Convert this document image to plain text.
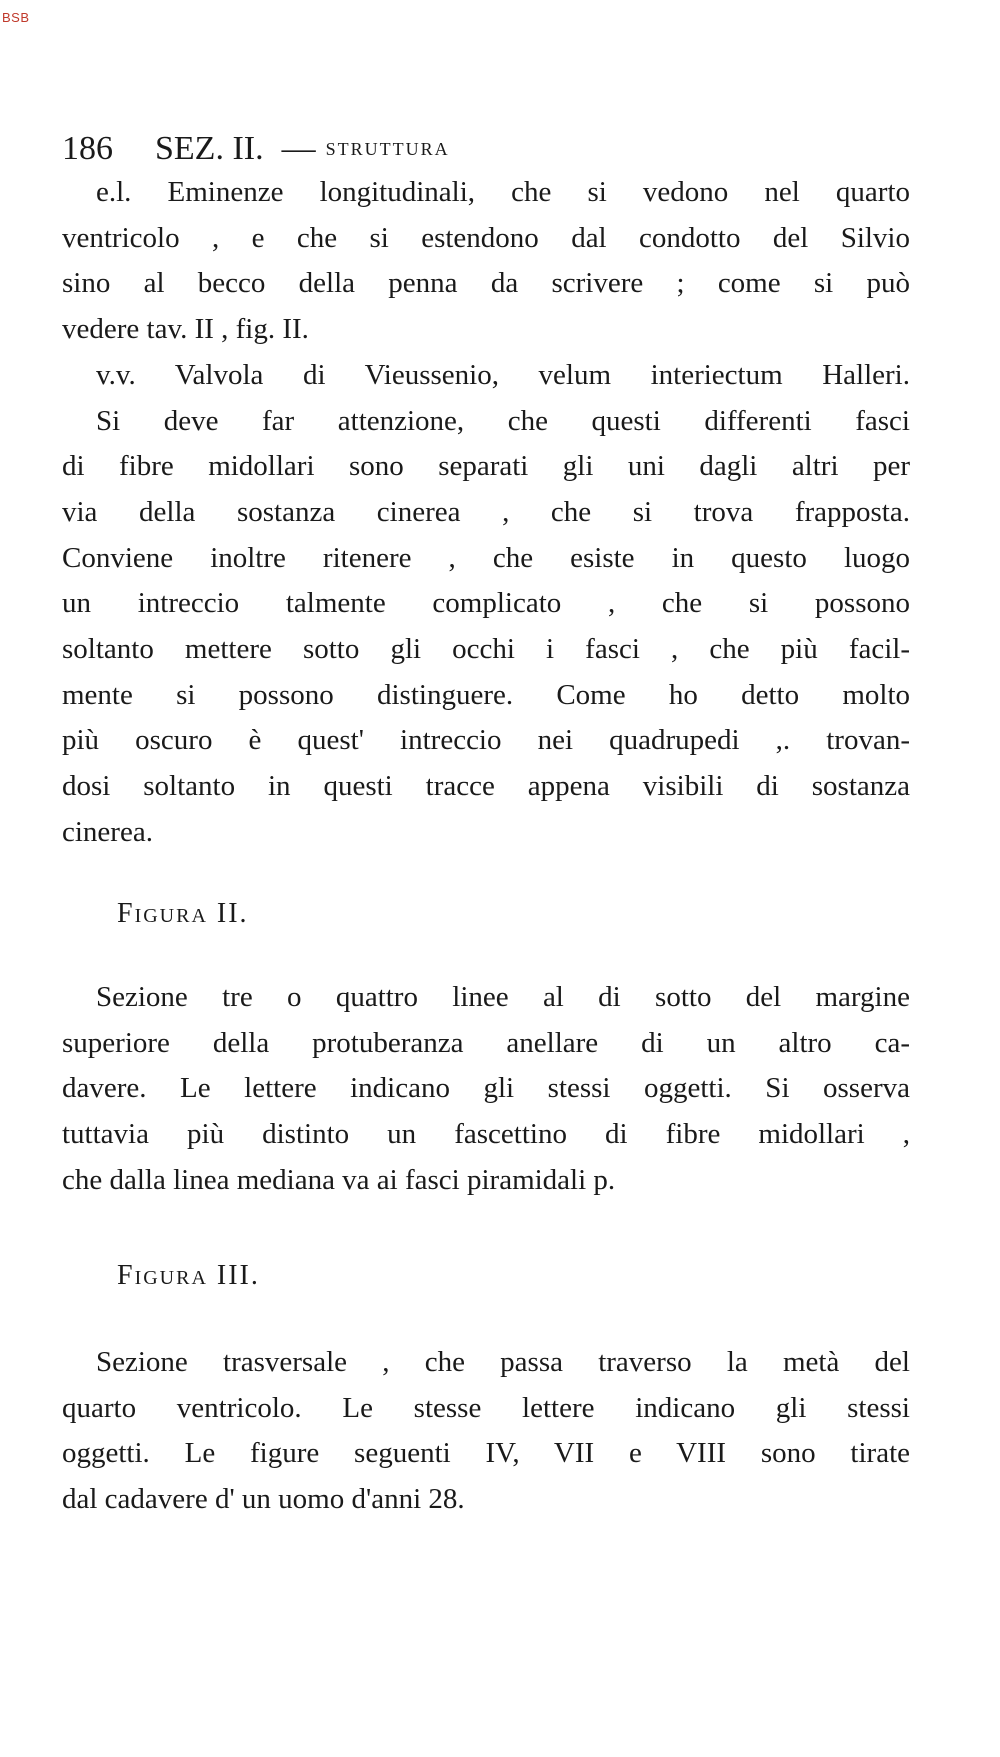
BSB
186 SEZ. II. — STRUTTURA
e.l. Eminenze longitudinali, che si vedono nel quarto
ventricolo , e che si estendono dal condotto del Silvio
sino al becco della penna da scrivere ; come si può
vedere tav. II , fig. II.
v.v. Valvola di Vieussenio, velum interiectum Halleri.
Si deve far attenzione, che questi differenti fasci
di fibre midollari sono separati gli uni dagli altri per
via della sostanza cinerea , che si trova frapposta.
Conviene inoltre ritenere , che esiste in questo luogo
un intreccio talmente complicato , che si possono
soltanto mettere sotto gli occhi i fasci , che più facil-
mente si possono distinguere. Come ho detto molto
più oscuro è quest' intreccio nei quadrupedi ,. trovan-
dosi soltanto in questi tracce appena visibili di sostanza
cinerea.
Figura II.
Sezione tre o quattro linee al di sotto del margine
superiore della protuberanza anellare di un altro ca-
davere. Le lettere indicano gli stessi oggetti. Si osserva
tuttavia più distinto un fascettino di fibre midollari ,
che dalla linea mediana va ai fasci piramidali p.
Figura III.
Sezione trasversale , che passa traverso la metà del
quarto ventricolo. Le stesse lettere indicano gli stessi
oggetti. Le figure seguenti IV, VII e VIII sono tirate
dal cadavere d' un uomo d'anni 28.
